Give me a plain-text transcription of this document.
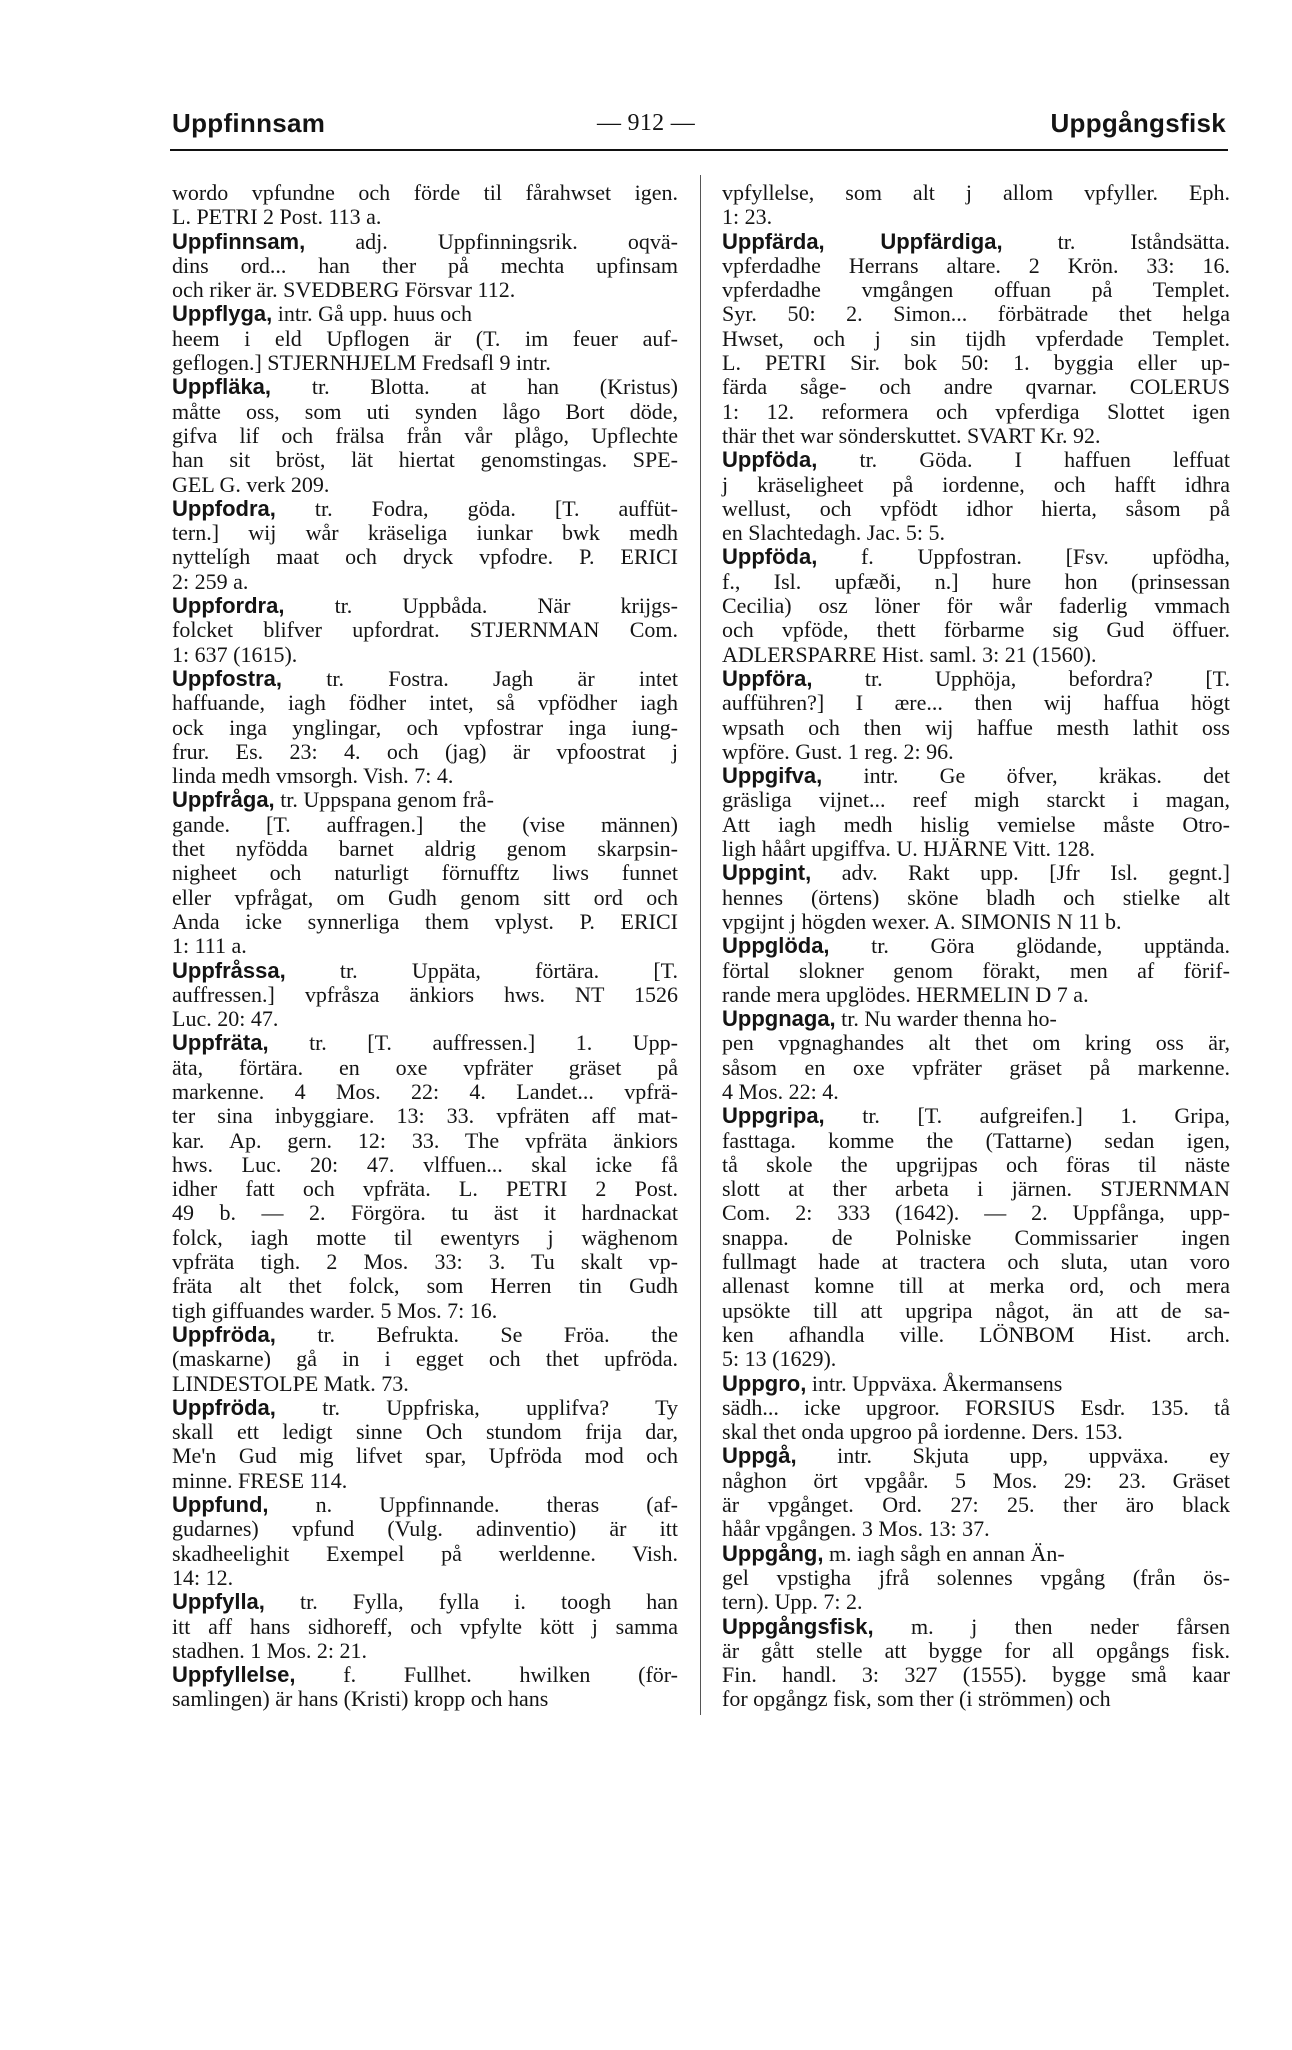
Uppfinnsam	— 912 —	Uppgångsfisk
wordo vpfundne och förde til fårahwset igen.
L. PETRI 2 Post. 113 a.
Uppfinnsam, adj. Uppfinningsrik. oqvä-
dins ord... han ther på mechta upfinsam
och riker är. SVEDBERG Försvar 112.
Uppflyga, intr. Gå upp. huus och
heem i eld Upflogen är (T. im feuer auf-
geflogen.] STJERNHJELM Fredsafl 9 intr.
Uppfläka, tr. Blotta. at han (Kristus)
måtte oss, som uti synden lågo Bort döde,
gifva lif och frälsa från vår plågo, Upflechte
han sit bröst, lät hiertat genomstingas. SPE-
GEL G. verk 209.
Uppfodra, tr. Fodra, göda. [T. auffüt-
tern.] wij wår kräseliga iunkar bwk medh
nyttelígh maat och dryck vpfodre. P. ERICI
2: 259 a.
Uppfordra, tr. Uppbåda. När krijgs-
folcket blifver upfordrat. STJERNMAN Com.
1: 637 (1615).
Uppfostra, tr. Fostra. Jagh är intet
haffuande, iagh födher intet, så vpfödher iagh
ock inga ynglingar, och vpfostrar inga iung-
frur. Es. 23: 4. och (jag) är vpfoostrat j
linda medh vmsorgh. Vish. 7: 4.
Uppfråga, tr. Uppspana genom frå-
gande. [T. auffragen.] the (vise männen)
thet nyfödda barnet aldrig genom skarpsin-
nigheet och naturligt förnufftz liws funnet
eller vpfrågat, om Gudh genom sitt ord och
Anda icke synnerliga them vplyst. P. ERICI
1: 111 a.
Uppfråssa, tr. Uppäta, förtära. [T.
auffressen.] vpfråsza änkiors hws. NT 1526
Luc. 20: 47.
Uppfräta, tr. [T. auffressen.] 1. Upp-
äta, förtära. en oxe vpfräter gräset på
markenne. 4 Mos. 22: 4. Landet... vpfrä-
ter sina inbyggiare. 13: 33. vpfräten aff mat-
kar. Ap. gern. 12: 33. The vpfräta änkiors
hws. Luc. 20: 47. vlffuen... skal icke få
idher fatt och vpfräta. L. PETRI 2 Post.
49 b. — 2. Förgöra. tu äst it hardnackat
folck, iagh motte til ewentyrs j wäghenom
vpfräta tigh. 2 Mos. 33: 3. Tu skalt vp-
fräta alt thet folck, som Herren tin Gudh
tigh giffuandes warder. 5 Mos. 7: 16.
Uppfröda, tr. Befrukta. Se Fröa. the
(maskarne) gå in i egget och thet upfröda.
LINDESTOLPE Matk. 73.
Uppfröda, tr. Uppfriska, upplifva? Ty
skall ett ledigt sinne Och stundom frija dar,
Me'n Gud mig lifvet spar, Upfröda mod och
minne. FRESE 114.
Uppfund, n. Uppfinnande. theras (af-
gudarnes) vpfund (Vulg. adinventio) är itt
skadheelighit Exempel på werldenne. Vish.
14: 12.
Uppfylla, tr. Fylla, fylla i. toogh han
itt aff hans sidhoreff, och vpfylte kött j samma
stadhen. 1 Mos. 2: 21.
Uppfyllelse, f. Fullhet. hwilken (för-
samlingen) är hans (Kristi) kropp och hans
vpfyllelse, som alt j allom vpfyller. Eph.
1: 23.
Uppfärda, Uppfärdiga, tr. Iståndsätta.
vpferdadhe Herrans altare. 2 Krön. 33: 16.
vpferdadhe vmgången offuan på Templet.
Syr. 50: 2. Simon... förbätrade thet helga
Hwset, och j sin tijdh vpferdade Templet.
L. PETRI Sir. bok 50: 1. byggia eller up-
färda såge- och andre qvarnar. COLERUS
1: 12. reformera och vpferdiga Slottet igen
thär thet war sönderskuttet. SVART Kr. 92.
Uppföda, tr. Göda. I haffuen leffuat
j kräseligheet på iordenne, och hafft idhra
wellust, och vpfödt idhor hierta, såsom på
en Slachtedagh. Jac. 5: 5.
Uppföda, f. Uppfostran. [Fsv. upfödha,
f., Isl. upfæði, n.] hure hon (prinsessan
Cecilia) osz löner för wår faderlig vmmach
och vpföde, thett förbarme sig Gud öffuer.
ADLERSPARRE Hist. saml. 3: 21 (1560).
Uppföra, tr. Upphöja, befordra? [T.
aufführen?] I ære... then wij haffua högt
wpsath och then wij haffue mesth lathit oss
wpföre. Gust. 1 reg. 2: 96.
Uppgifva, intr. Ge öfver, kräkas. det
gräsliga vijnet... reef migh starckt i magan,
Att iagh medh hislig vemielse måste Otro-
ligh håårt upgiffva. U. HJÄRNE Vitt. 128.
Uppgint, adv. Rakt upp. [Jfr Isl. gegnt.]
hennes (örtens) sköne bladh och stielke alt
vpgijnt j högden wexer. A. SIMONIS N 11 b.
Uppglöda, tr. Göra glödande, upptända.
förtal slokner genom förakt, men af förif-
rande mera upglödes. HERMELIN D 7 a.
Uppgnaga, tr. Nu warder thenna ho-
pen vpgnaghandes alt thet om kring oss är,
såsom en oxe vpfräter gräset på markenne.
4 Mos. 22: 4.
Uppgripa, tr. [T. aufgreifen.] 1. Gripa,
fasttaga. komme the (Tattarne) sedan igen,
tå skole the upgrijpas och föras til näste
slott at ther arbeta i järnen. STJERNMAN
Com. 2: 333 (1642). — 2. Uppfånga, upp-
snappa. de Polniske Commissarier ingen
fullmagt hade at tractera och sluta, utan voro
allenast komne till at merka ord, och mera
upsökte till att upgripa något, än att de sa-
ken afhandla ville. LÖNBOM Hist. arch.
5: 13 (1629).
Uppgro, intr. Uppväxa. Åkermansens
sädh... icke upgroor. FORSIUS Esdr. 135. tå
skal thet onda upgroo på iordenne. Ders. 153.
Uppgå, intr. Skjuta upp, uppväxa. ey
någhon ört vpgåår. 5 Mos. 29: 23. Gräset
är vpgånget. Ord. 27: 25. ther äro black
håår vpgången. 3 Mos. 13: 37.
Uppgång, m. iagh sågh en annan Än-
gel vpstigha jfrå solennes vpgång (från ös-
tern). Upp. 7: 2.
Uppgångsfisk, m. j then neder fårsen
är gått stelle att bygge for all opgångs fisk.
Fin. handl. 3: 327 (1555). bygge små kaar
for opgångz fisk, som ther (i strömmen) och
